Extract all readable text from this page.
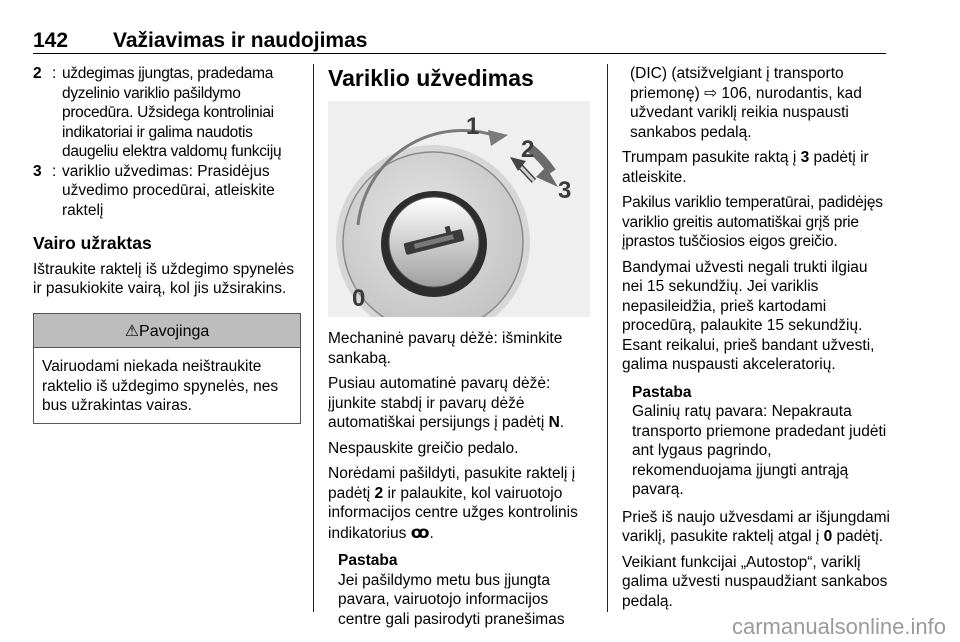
142 Važiavimas ir naudojimas
2 : uždegimas įjungtas, pradedama dyzelinio variklio pašildymo procedūra. Užsidega kontroliniai indikatoriai ir galima naudotis daugeliu elektra valdomų funkcijų
3 : variklio užvedimas: Prasidėjus užvedimo procedūrai, atleiskite raktelį
Vairo užraktas

Ištraukite raktelį iš uždegimo spynelės ir pasukiokite vairą, kol jis užsirakins.

⚠Pavojinga

Vairuodami niekada neištraukite raktelio iš uždegimo spynelės, nes bus užrakintas vairas.

Variklio užvedimas
1
2
3
0

Mechaninė pavarų dėžė: išminkite sankabą.

Pusiau automatinė pavarų dėžė: įjunkite stabdį ir pavarų dėžė automatiškai persijungs į padėtį N.

Nespauskite greičio pedalo.

Norėdami pašildyti, pasukite raktelį į padėtį 2 ir palaukite, kol vairuotojo informacijos centre užges kontrolinis indikatorius ꝏ.

Pastaba

Jei pašildymo metu bus įjungta pavara, vairuotojo informacijos centre gali pasirodyti pranešimas

(DIC) (atsižvelgiant į transporto priemonę) ⇨ 106, nurodantis, kad užvedant variklį reikia nuspausti sankabos pedalą.

Trumpam pasukite raktą į 3 padėtį ir atleiskite.

Pakilus variklio temperatūrai, padidėjęs variklio greitis automatiškai grįš prie įprastos tuščiosios eigos greičio.

Bandymai užvesti negali trukti ilgiau nei 15 sekundžių. Jei variklis nepasileidžia, prieš kartodami procedūrą, palaukite 15 sekundžių. Esant reikalui, prieš bandant užvesti, galima nuspausti akceleratorių.

Pastaba

Galinių ratų pavara: Nepakrauta transporto priemone pradedant judėti ant lygaus pagrindo, rekomenduojama įjungti antrąją pavarą.

Prieš iš naujo užvesdami ar išjungdami variklį, pasukite raktelį atgal į 0 padėtį.

Veikiant funkcijai „Autostop“, variklį galima užvesti nuspaudžiant sankabos pedalą.

carmanualsonline.info
